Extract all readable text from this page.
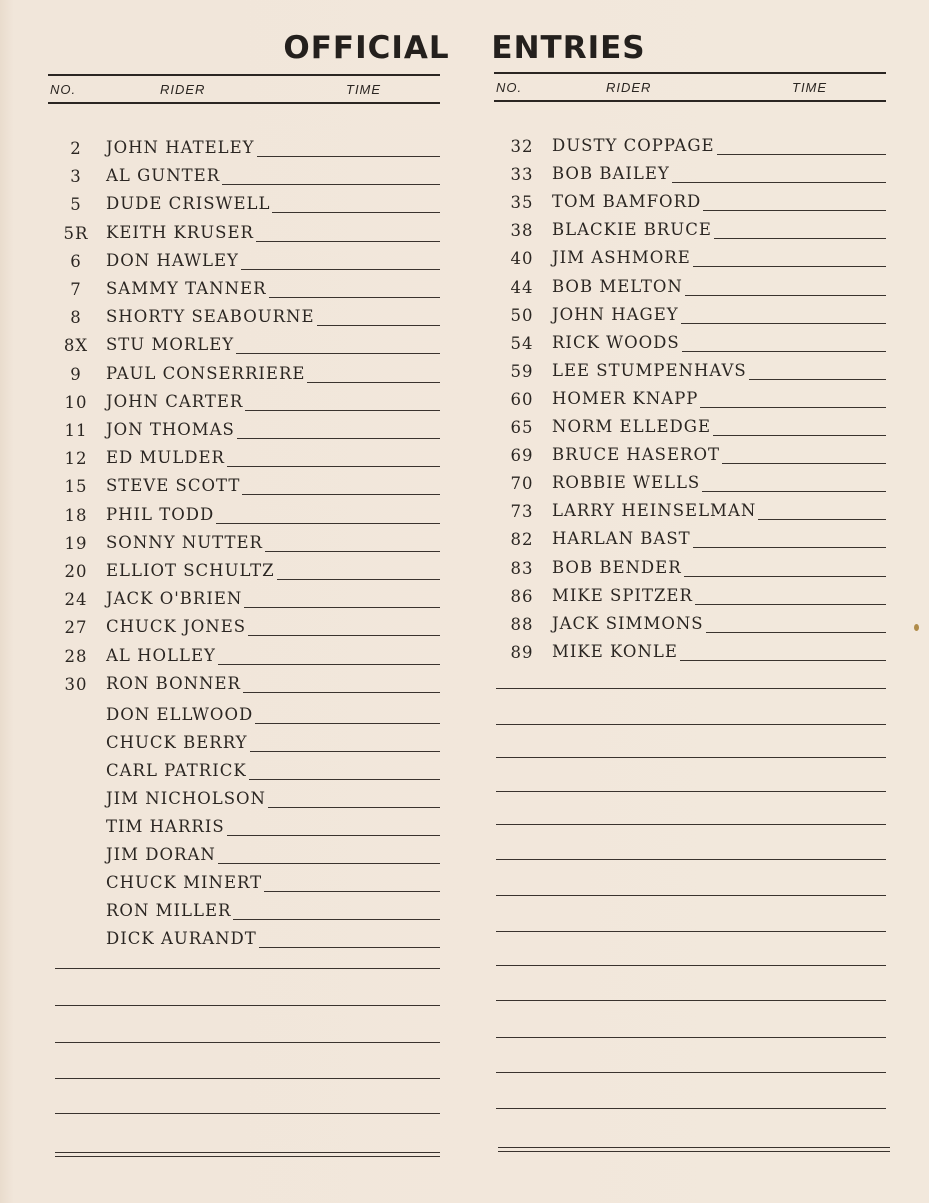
OFFICIAL ENTRIES
NO.	RIDER	TIME
2	JOHN HATELEY
3	AL GUNTER
5	DUDE CRISWELL
5R	KEITH KRUSER
6	DON HAWLEY
7	SAMMY TANNER
8	SHORTY SEABOURNE
8X	STU MORLEY
9	PAUL CONSERRIERE
10	JOHN CARTER
11	JON THOMAS
12	ED MULDER
15	STEVE SCOTT
18	PHIL TODD
19	SONNY NUTTER
20	ELLIOT SCHULTZ
24	JACK O'BRIEN
27	CHUCK JONES
28	AL HOLLEY
30	RON BONNER
DON ELLWOOD
CHUCK BERRY
CARL PATRICK
JIM NICHOLSON
TIM HARRIS
JIM DORAN
CHUCK MINERT
RON MILLER
DICK AURANDT
NO.	RIDER	TIME
32	DUSTY COPPAGE
33	BOB BAILEY
35	TOM BAMFORD
38	BLACKIE BRUCE
40	JIM ASHMORE
44	BOB MELTON
50	JOHN HAGEY
54	RICK WOODS
59	LEE STUMPENHAVS
60	HOMER KNAPP
65	NORM ELLEDGE
69	BRUCE HASEROT
70	ROBBIE WELLS
73	LARRY HEINSELMAN
82	HARLAN BAST
83	BOB BENDER
86	MIKE SPITZER
88	JACK SIMMONS
89	MIKE KONLE
